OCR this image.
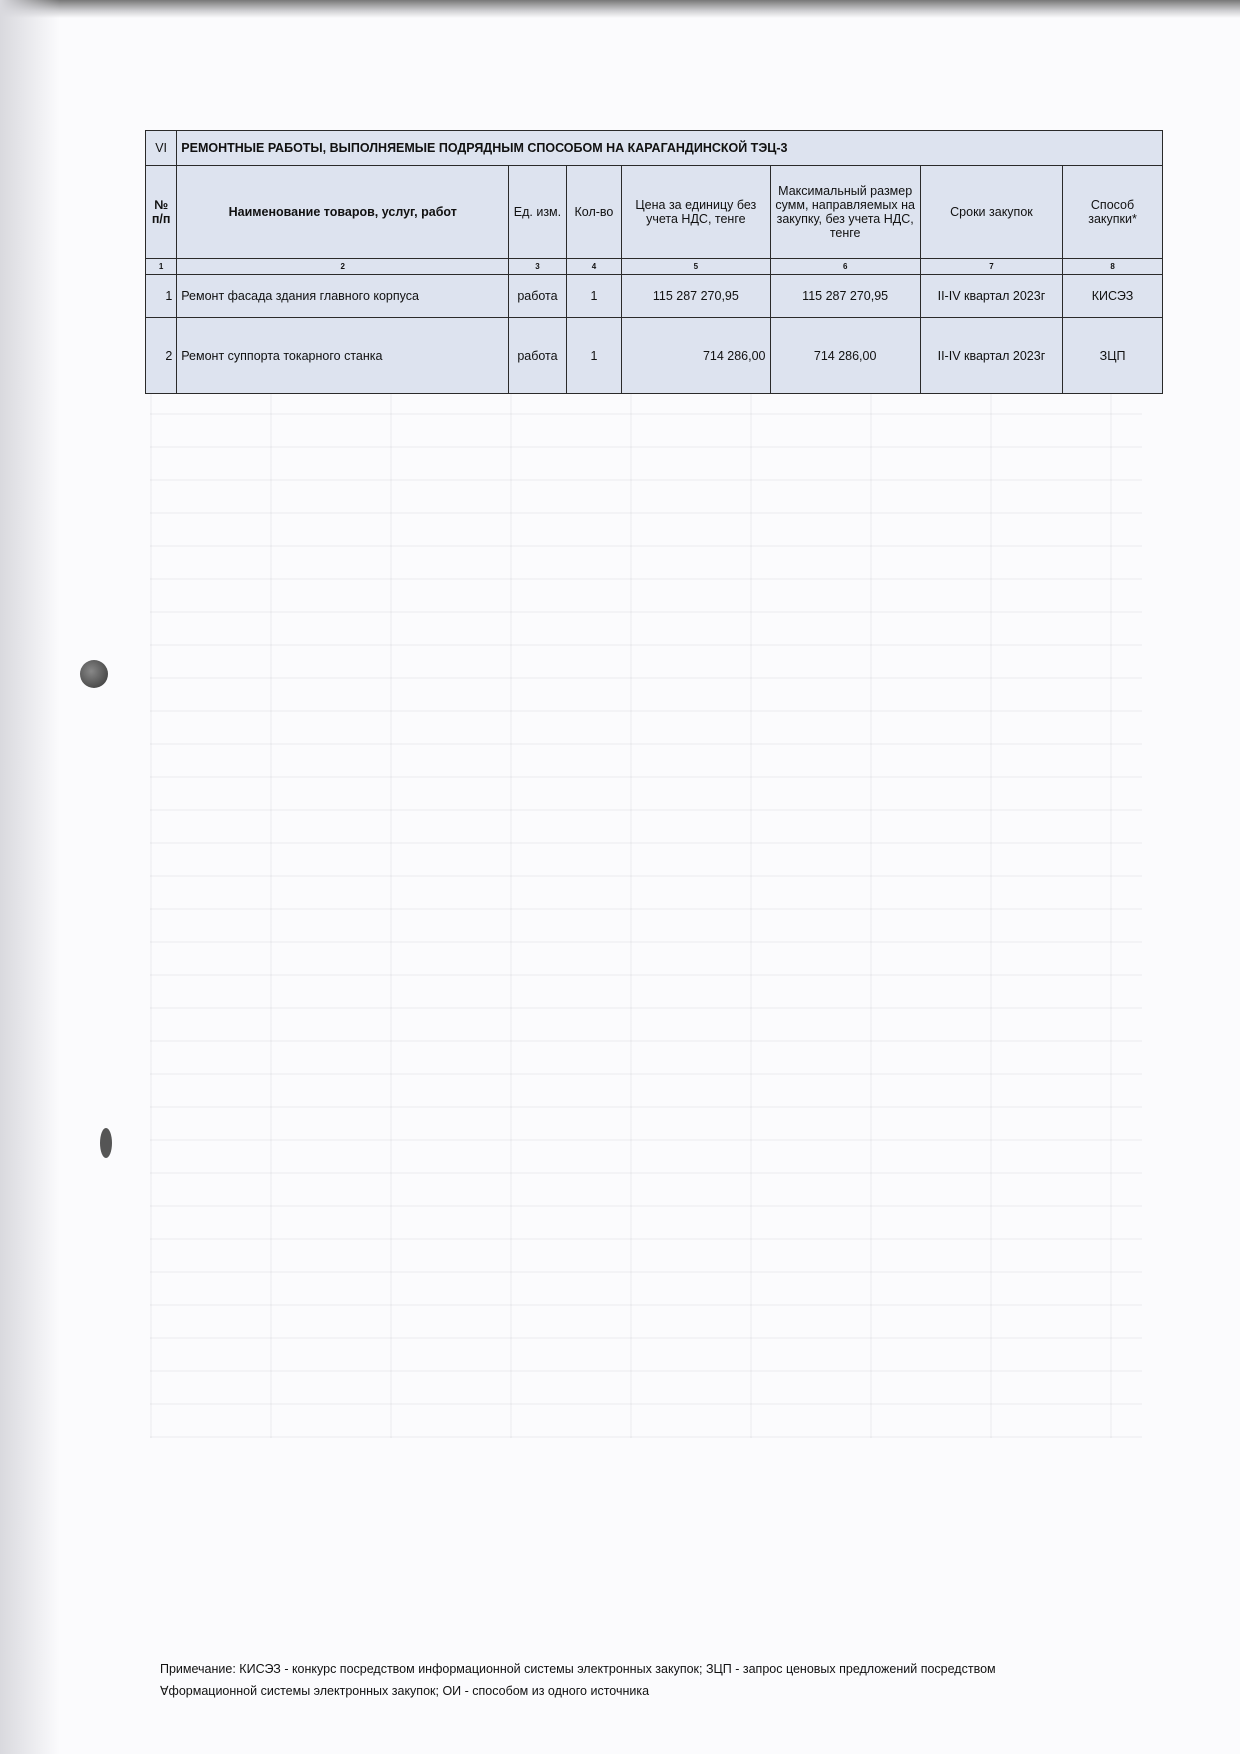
VI	РЕМОНТНЫЕ РАБОТЫ, ВЫПОЛНЯЕМЫЕ ПОДРЯДНЫМ СПОСОБОМ НА КАРАГАНДИНСКОЙ ТЭЦ-3						
№ п/п	Наименование товаров, услуг, работ	Ед. изм.	Кол-во	Цена за единицу без учета НДС, тенге	Максимальный размер сумм, направляемых на закупку, без учета НДС, тенге	Сроки закупок	Способ закупки*
1	2	3	4	5	6	7	8
1	Ремонт фасада здания главного корпуса	работа	1	115 287 270,95	115 287 270,95	II-IV квартал 2023г	КИСЭЗ
2	Ремонт суппорта токарного станка	работа	1	714 286,00	714 286,00	II-IV квартал 2023г	ЗЦП
Примечание: КИСЭЗ - конкурс посредством информационной системы электронных закупок; ЗЦП - запрос ценовых предложений посредством
Ɐформационной системы электронных закупок; ОИ - способом из одного источника
